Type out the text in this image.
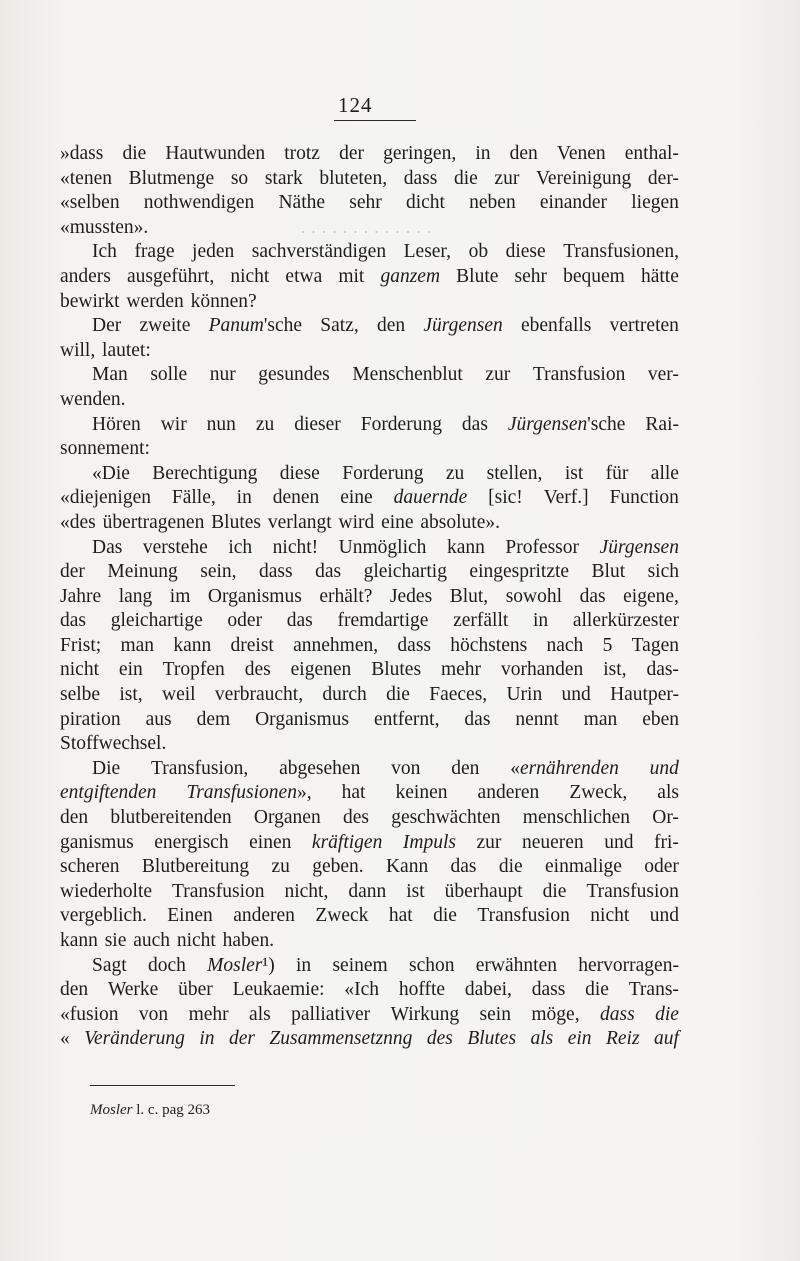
124
· · · · · · · · · · · · ·
»dass die Hautwunden trotz der geringen, in den Venen enthal-
«tenen Blutmenge so stark bluteten, dass die zur Vereinigung der-
«selben nothwendigen Näthe sehr dicht neben einander liegen
«mussten».
Ich frage jeden sachverständigen Leser, ob diese Transfusionen,
anders ausgeführt, nicht etwa mit ganzem Blute sehr bequem hätte
bewirkt werden können?
Der zweite Panum'sche Satz, den Jürgensen ebenfalls vertreten
will, lautet:
Man solle nur gesundes Menschenblut zur Transfusion ver-
wenden.
Hören wir nun zu dieser Forderung das Jürgensen'sche Rai-
sonnement:
«Die Berechtigung diese Forderung zu stellen, ist für alle
«diejenigen Fälle, in denen eine dauernde [sic! Verf.] Function
«des übertragenen Blutes verlangt wird eine absolute».
Das verstehe ich nicht! Unmöglich kann Professor Jürgensen
der Meinung sein, dass das gleichartig eingespritzte Blut sich
Jahre lang im Organismus erhält? Jedes Blut, sowohl das eigene,
das gleichartige oder das fremdartige zerfällt in allerkürzester
Frist; man kann dreist annehmen, dass höchstens nach 5 Tagen
nicht ein Tropfen des eigenen Blutes mehr vorhanden ist, das-
selbe ist, weil verbraucht, durch die Faeces, Urin und Hautper-
piration aus dem Organismus entfernt, das nennt man eben
Stoffwechsel.
Die Transfusion, abgesehen von den «ernährenden und
entgiftenden Transfusionen», hat keinen anderen Zweck, als
den blutbereitenden Organen des geschwächten menschlichen Or-
ganismus energisch einen kräftigen Impuls zur neueren und fri-
scheren Blutbereitung zu geben. Kann das die einmalige oder
wiederholte Transfusion nicht, dann ist überhaupt die Transfusion
vergeblich. Einen anderen Zweck hat die Transfusion nicht und
kann sie auch nicht haben.
Sagt doch Mosler¹) in seinem schon erwähnten hervorragen-
den Werke über Leukaemie: «Ich hoffte dabei, dass die Trans-
«fusion von mehr als palliativer Wirkung sein möge, dass die
« Veränderung in der Zusammensetznng des Blutes als ein Reiz auf
Mosler l. c. pag 263
